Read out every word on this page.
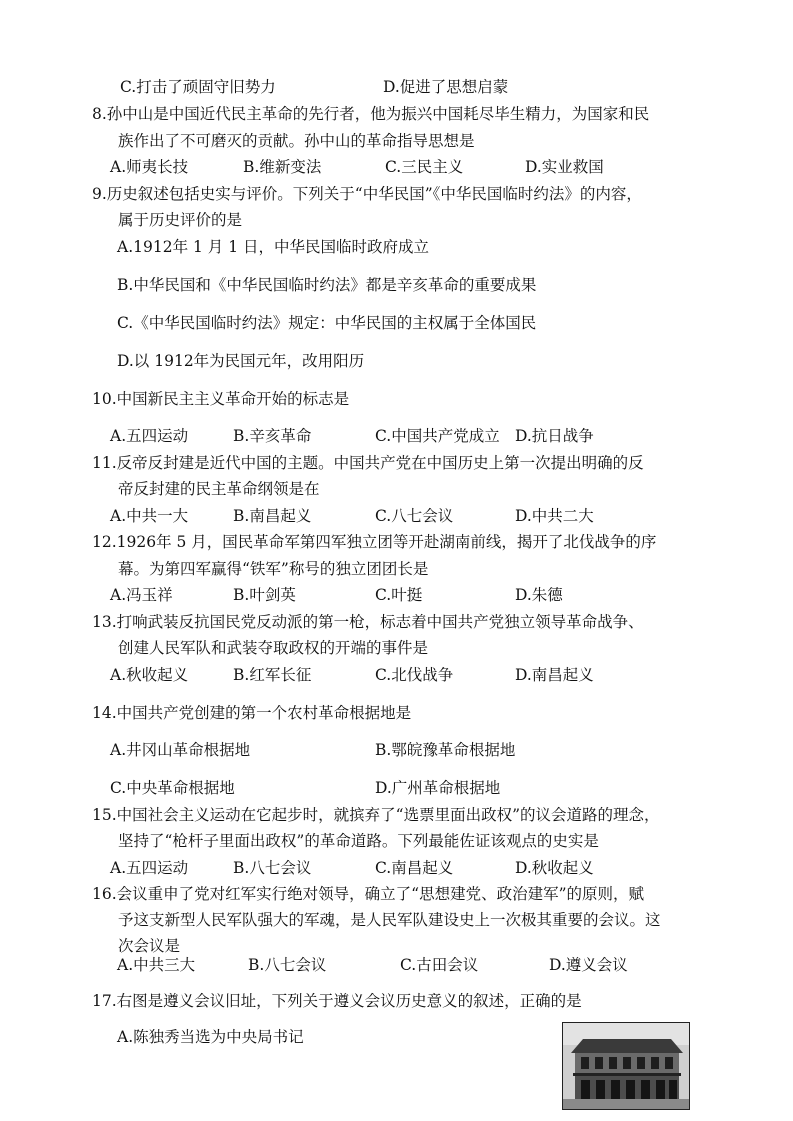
C.打击了顽固守旧势力	D.促进了思想启蒙
8.孙中山是中国近代民主革命的先行者，他为振兴中国耗尽毕生精力，为国家和民
族作出了不可磨灭的贡献。孙中山的革命指导思想是
A.师夷长技	B.维新变法	C.三民主义	D.实业救国
9.历史叙述包括史实与评价。下列关于“中华民国”《中华民国临时约法》的内容，
属于历史评价的是
A.1912年 1 月 1 日，中华民国临时政府成立
B.中华民国和《中华民国临时约法》都是辛亥革命的重要成果
C.《中华民国临时约法》规定：中华民国的主权属于全体国民
D.以 1912年为民国元年，改用阳历
10.中国新民主主义革命开始的标志是
A.五四运动	B.辛亥革命	C.中国共产党成立 D.抗日战争
11.反帝反封建是近代中国的主题。中国共产党在中国历史上第一次提出明确的反
帝反封建的民主革命纲领是在
A.中共一大	B.南昌起义	C.八七会议	D.中共二大
12.1926年 5 月，国民革命军第四军独立团等开赴湖南前线，揭开了北伐战争的序
幕。为第四军赢得“铁军”称号的独立团团长是
A.冯玉祥	B.叶剑英	C.叶挺	D.朱德
13.打响武装反抗国民党反动派的第一枪，标志着中国共产党独立领导革命战争、
创建人民军队和武装夺取政权的开端的事件是
A.秋收起义	B.红军长征	C.北伐战争	D.南昌起义
14.中国共产党创建的第一个农村革命根据地是
A.井冈山革命根据地	B.鄂皖豫革命根据地
C.中央革命根据地	D.广州革命根据地
15.中国社会主义运动在它起步时，就摈弃了“选票里面出政权”的议会道路的理念，
坚持了“枪杆子里面出政权”的革命道路。下列最能佐证该观点的史实是
A.五四运动	B.八七会议	C.南昌起义	D.秋收起义
16.会议重申了党对红军实行绝对领导，确立了“思想建党、政治建军”的原则，赋
予这支新型人民军队强大的军魂，是人民军队建设史上一次极其重要的会议。这
次会议是
A.中共三大	B.八七会议	C.古田会议	D.遵义会议
17.右图是遵义会议旧址，下列关于遵义会议历史意义的叙述，正确的是
A.陈独秀当选为中央局书记
